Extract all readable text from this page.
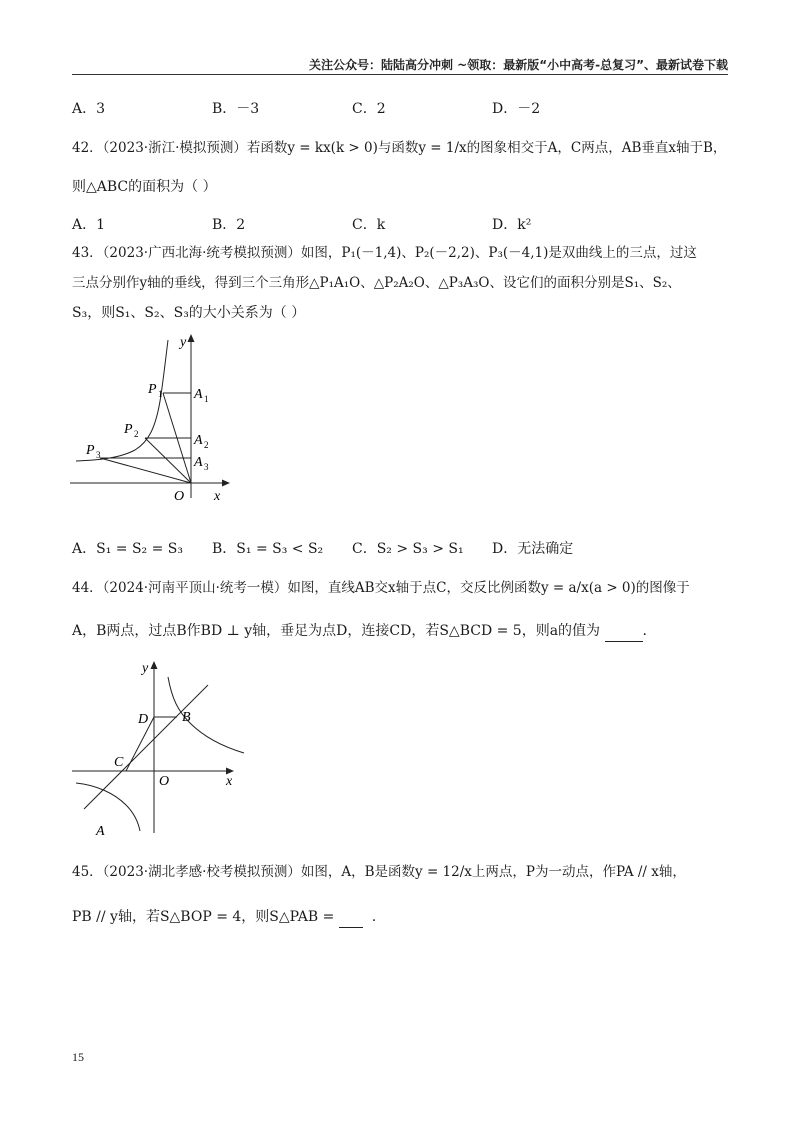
关注公众号：陆陆高分冲刺 ~领取：最新版“小中高考-总复习”、最新试卷下载
A．3	B．－3	C．2	D．－2
42．（2023·浙江·模拟预测）若函数y = kx(k > 0)与函数y = 1/x的图象相交于A，C两点，AB垂直x轴于B，
则△ABC的面积为（ ）
A．1	B．2	C．k	D．k²
43．（2023·广西北海·统考模拟预测）如图，P₁(－1,4)、P₂(－2,2)、P₃(－4,1)是双曲线上的三点，过这
三点分别作y轴的垂线，得到三个三角形△P₁A₁O、△P₂A₂O、△P₃A₃O、设它们的面积分别是S₁、S₂、
S₃，则S₁、S₂、S₃的大小关系为（ ）
y
x
O
P 1
P 2
P 3
A 1
A 2
A 3
A．S₁ = S₂ = S₃ B．S₁ = S₃ < S₂ C．S₂ > S₃ > S₁ D．无法确定
44．（2024·河南平顶山·统考一模）如图，直线AB交x轴于点C，交反比例函数y = a/x(a > 0)的图像于
A，B两点，过点B作BD ⊥ y轴，垂足为点D，连接CD，若S△BCD = 5，则a的值为	.
y
x
O
D B
C
A
45．（2023·湖北孝感·校考模拟预测）如图，A，B是函数y = 12/x上两点，P为一动点，作PA // x轴，
PB // y轴，若S△BOP = 4，则S△PAB =    .
15
